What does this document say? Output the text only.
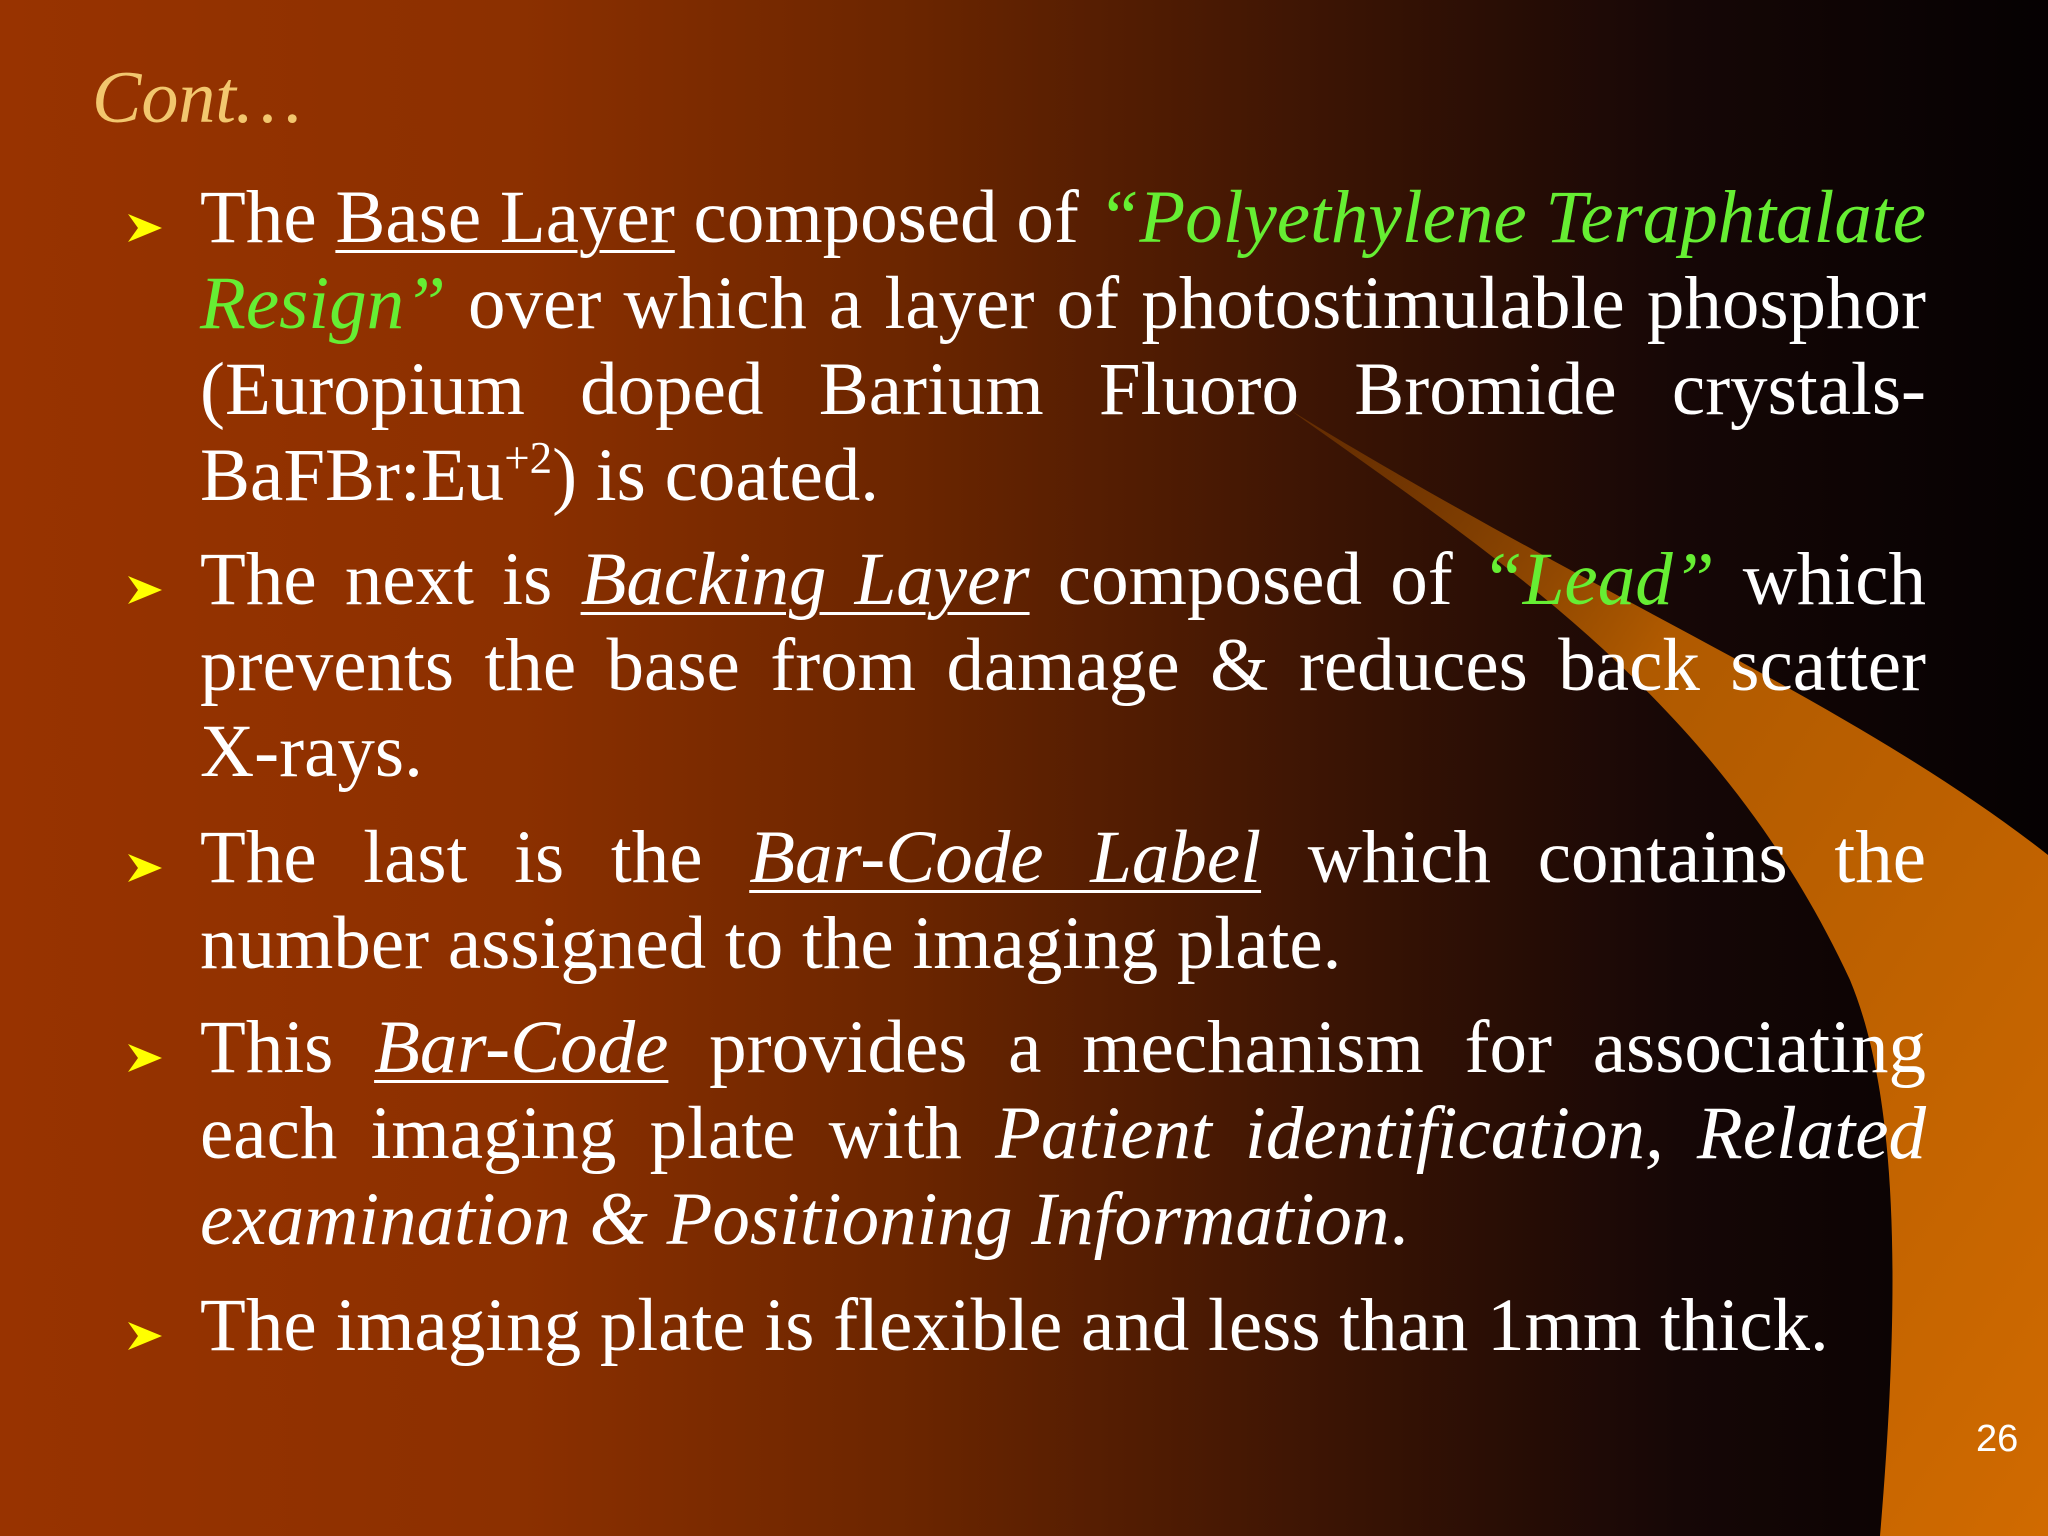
Cont…

The Base Layer composed of “Polyethylene Teraphtalate Resign” over which a layer of photostimulable phosphor (Europium doped Barium Fluoro Bromide crystals- $BaFBr:Eu^{+2}$) is coated.

The next is Backing Layer composed of “Lead” which prevents the base from damage & reduces back scatter X-rays.

The last is the Bar-Code Label which contains the number assigned to the imaging plate.

This Bar-Code provides a mechanism for associating each imaging plate with Patient identification, Related examination & Positioning Information.

The imaging plate is flexible and less than 1mm thick.

26
